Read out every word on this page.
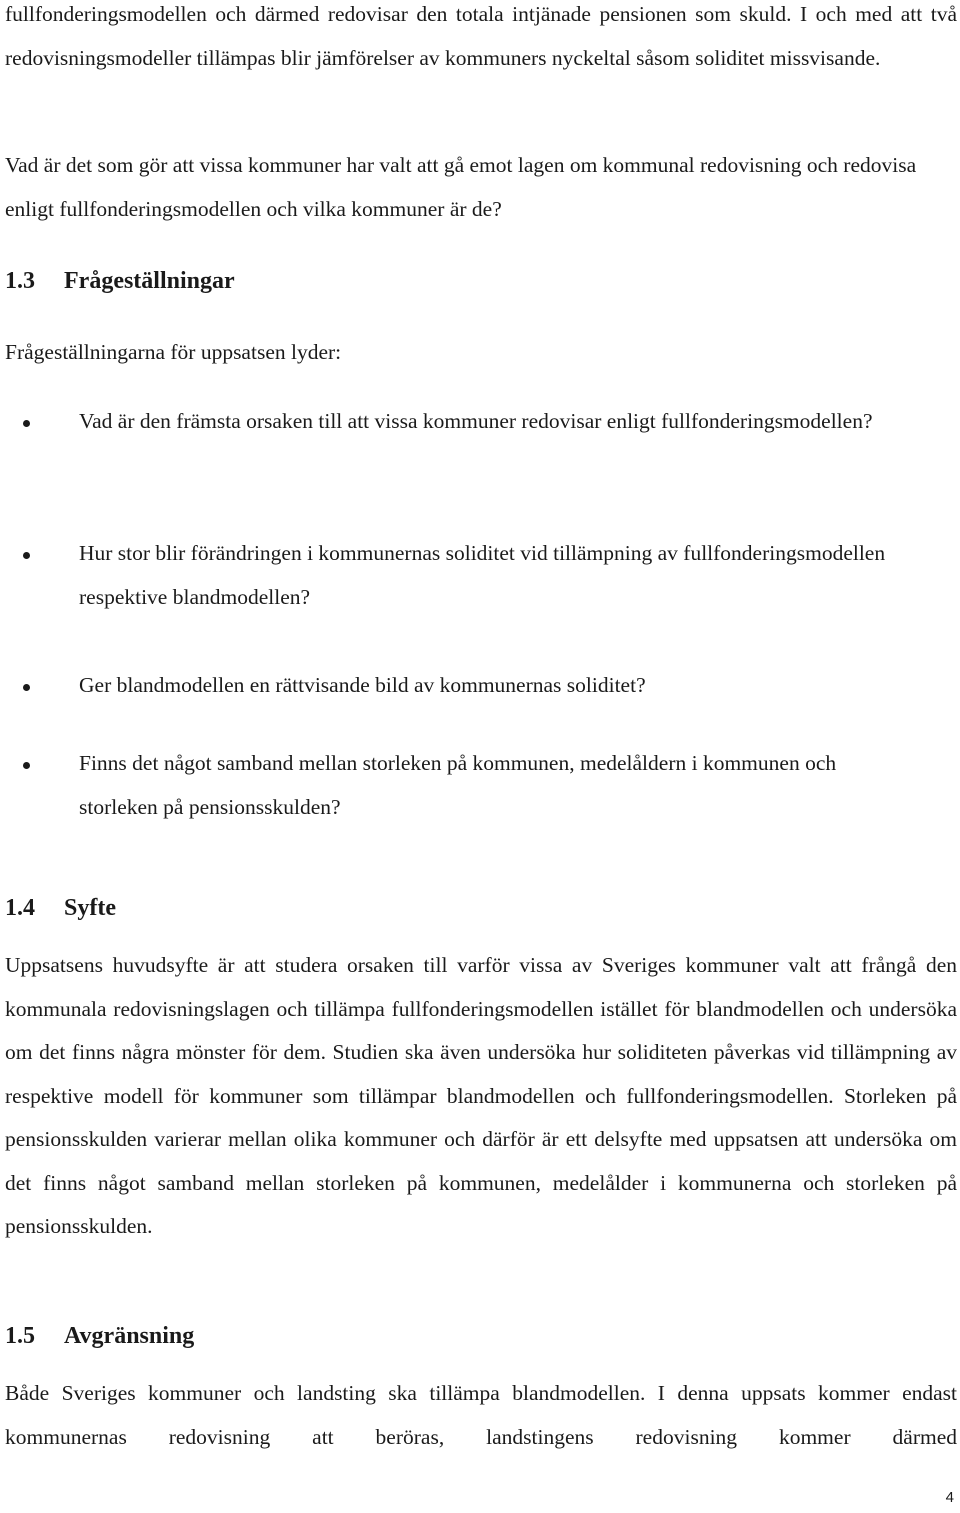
fullfonderingsmodellen och därmed redovisar den totala intjänade pensionen som skuld. I och med att två redovisningsmodeller tillämpas blir jämförelser av kommuners nyckeltal såsom soliditet missvisande.

Vad är det som gör att vissa kommuner har valt att gå emot lagen om kommunal redovisning och redovisa enligt fullfonderingsmodellen och vilka kommuner är de?

1.3 Frågeställningar

Frågeställningarna för uppsatsen lyder:

Vad är den främsta orsaken till att vissa kommuner redovisar enligt fullfonderingsmodellen?

Hur stor blir förändringen i kommunernas soliditet vid tillämpning av fullfonderingsmodellen respektive blandmodellen?

Ger blandmodellen en rättvisande bild av kommunernas soliditet?

Finns det något samband mellan storleken på kommunen, medelåldern i kommunen och storleken på pensionsskulden?

1.4 Syfte

Uppsatsens huvudsyfte är att studera orsaken till varför vissa av Sveriges kommuner valt att frångå den kommunala redovisningslagen och tillämpa fullfonderingsmodellen istället för blandmodellen och undersöka om det finns några mönster för dem. Studien ska även undersöka hur soliditeten påverkas vid tillämpning av respektive modell för kommuner som tillämpar blandmodellen och fullfonderingsmodellen. Storleken på pensionsskulden varierar mellan olika kommuner och därför är ett delsyfte med uppsatsen att undersöka om det finns något samband mellan storleken på kommunen, medelålder i kommunerna och storleken på pensionsskulden.

1.5 Avgränsning

Både Sveriges kommuner och landsting ska tillämpa blandmodellen. I denna uppsats kommer endast kommunernas redovisning att beröras, landstingens redovisning kommer därmed

4
